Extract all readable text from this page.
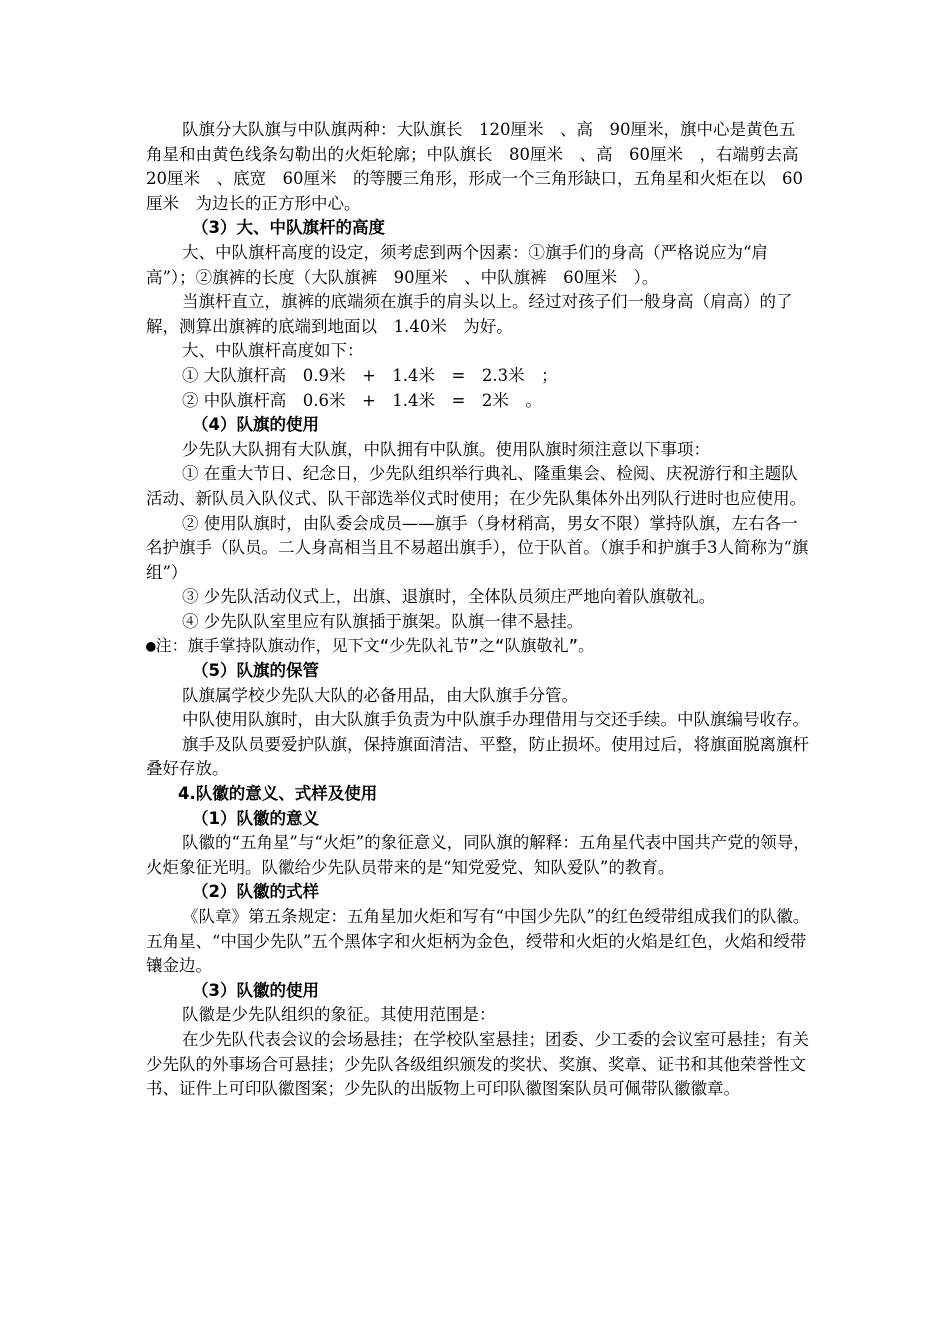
队旗分大队旗与中队旗两种：大队旗长　120厘米　、高　90厘米，旗中心是黄色五角星和由黄色线条勾勒出的火炬轮廓；中队旗长　80厘米　、高　60厘米　，右端剪去高　20厘米　、底宽　60厘米　的等腰三角形，形成一个三角形缺口，五角星和火炬在以　60厘米　为边长的正方形中心。

（3）大、中队旗杆的高度

大、中队旗杆高度的设定，须考虑到两个因素：①旗手们的身高（严格说应为“肩高”）；②旗裤的长度（大队旗裤　90厘米　、中队旗裤　60厘米　）。

当旗杆直立，旗裤的底端须在旗手的肩头以上。经过对孩子们一般身高（肩高）的了解，测算出旗裤的底端到地面以　1.40米　为好。

大、中队旗杆高度如下：

① 大队旗杆高　0.9米　+　1.4米　=　2.3米　；

② 中队旗杆高　0.6米　+　1.4米　=　2米　。

（4）队旗的使用

少先队大队拥有大队旗，中队拥有中队旗。使用队旗时须注意以下事项：

① 在重大节日、纪念日，少先队组织举行典礼、隆重集会、检阅、庆祝游行和主题队活动、新队员入队仪式、队干部选举仪式时使用；在少先队集体外出列队行进时也应使用。

② 使用队旗时，由队委会成员——旗手（身材稍高，男女不限）掌持队旗，左右各一名护旗手（队员。二人身高相当且不易超出旗手），位于队首。（旗手和护旗手3人简称为“旗组”）

③ 少先队活动仪式上，出旗、退旗时，全体队员须庄严地向着队旗敬礼。

④ 少先队队室里应有队旗插于旗架。队旗一律不悬挂。

●注：旗手掌持队旗动作，见下文“少先队礼节”之“队旗敬礼”。

（5）队旗的保管

队旗属学校少先队大队的必备用品，由大队旗手分管。

中队使用队旗时，由大队旗手负责为中队旗手办理借用与交还手续。中队旗编号收存。

旗手及队员要爱护队旗，保持旗面清洁、平整，防止损坏。使用过后，将旗面脱离旗杆叠好存放。

4.队徽的意义、式样及使用

（1）队徽的意义

队徽的“五角星”与“火炬”的象征意义，同队旗的解释：五角星代表中国共产党的领导，火炬象征光明。队徽给少先队员带来的是“知党爱党、知队爱队”的教育。

（2）队徽的式样

《队章》第五条规定：五角星加火炬和写有“中国少先队”的红色绶带组成我们的队徽。五角星、“中国少先队”五个黑体字和火炬柄为金色，绶带和火炬的火焰是红色，火焰和绶带镶金边。

（3）队徽的使用

队徽是少先队组织的象征。其使用范围是：

在少先队代表会议的会场悬挂；在学校队室悬挂；团委、少工委的会议室可悬挂；有关少先队的外事场合可悬挂；少先队各级组织颁发的奖状、奖旗、奖章、证书和其他荣誉性文书、证件上可印队徽图案；少先队的出版物上可印队徽图案队员可佩带队徽徽章。
